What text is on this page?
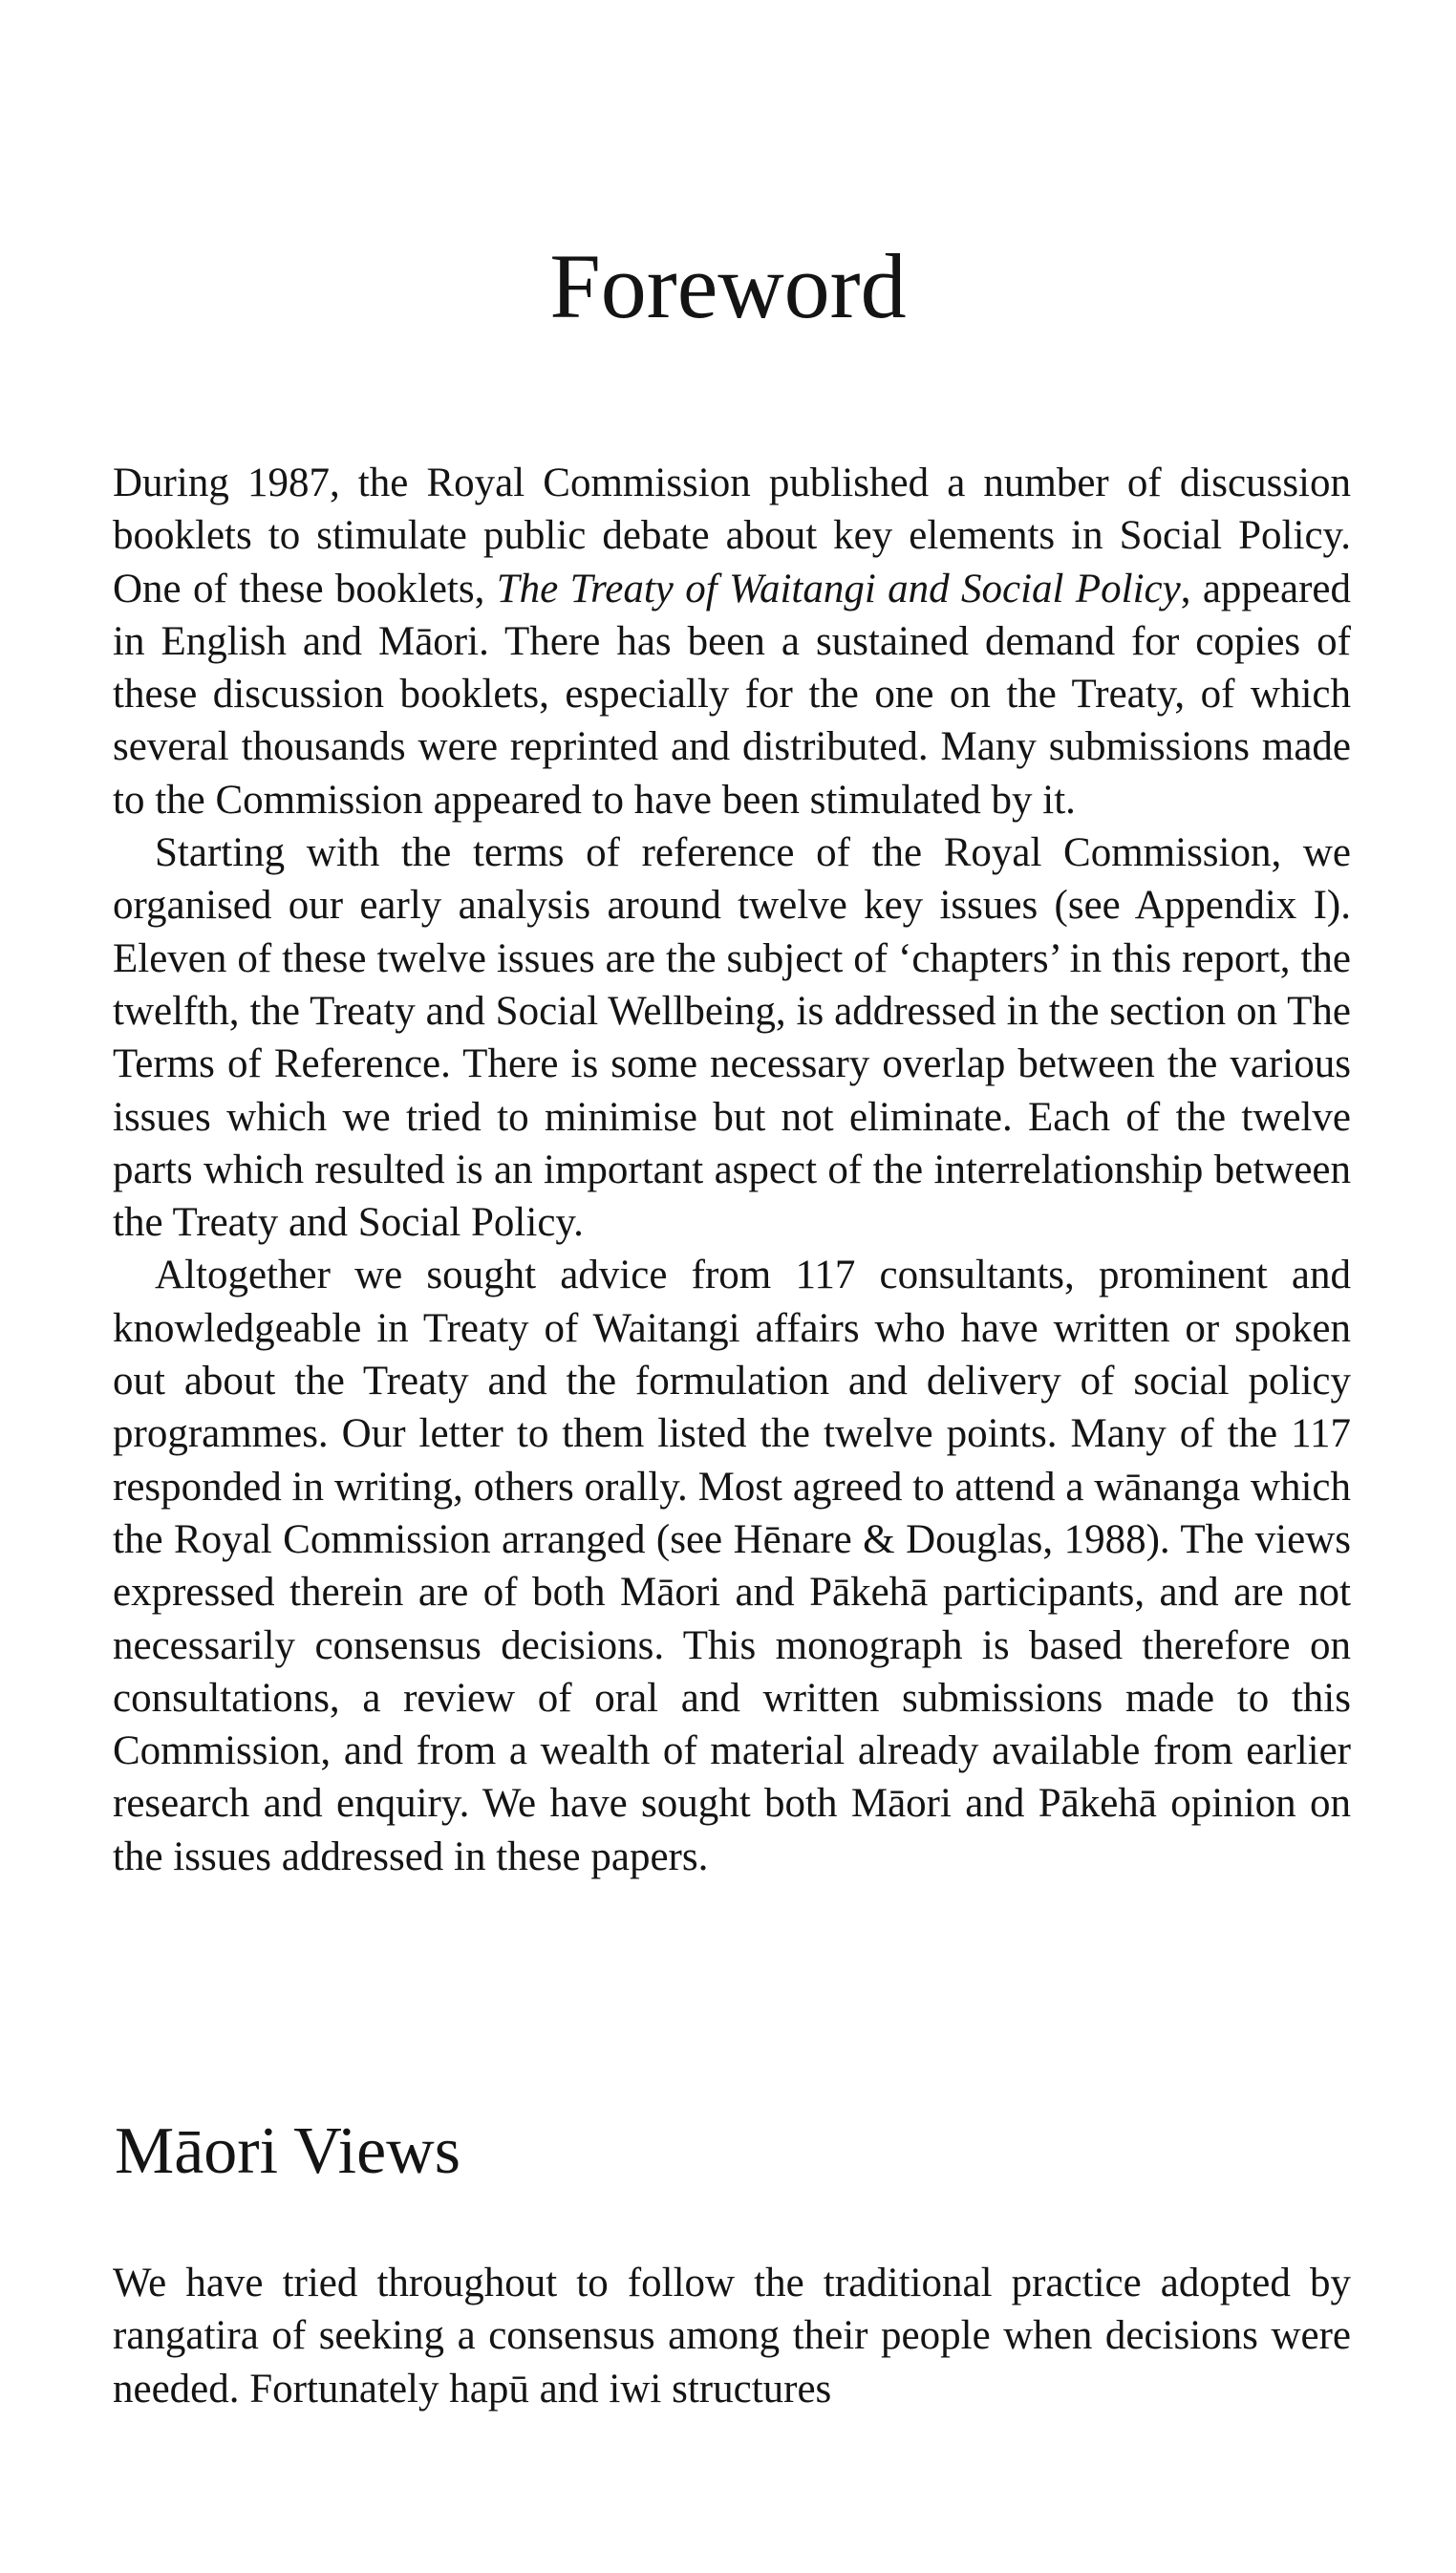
Foreword

During 1987, the Royal Commission published a number of discussion booklets to stimulate public debate about key elements in Social Policy. One of these booklets, The Treaty of Waitangi and Social Policy, appeared in English and Māori. There has been a sustained demand for copies of these discussion booklets, especially for the one on the Treaty, of which several thousands were reprinted and distributed. Many submissions made to the Commission appeared to have been stimulated by it.

Starting with the terms of reference of the Royal Commission, we organised our early analysis around twelve key issues (see Appendix I). Eleven of these twelve issues are the subject of ‘chapters’ in this report, the twelfth, the Treaty and Social Wellbeing, is addressed in the section on The Terms of Reference. There is some necessary overlap between the various issues which we tried to minimise but not eliminate. Each of the twelve parts which resulted is an important aspect of the interrelationship between the Treaty and Social Policy.

Altogether we sought advice from 117 consultants, prominent and knowledgeable in Treaty of Waitangi affairs who have written or spoken out about the Treaty and the formulation and delivery of social policy programmes. Our letter to them listed the twelve points. Many of the 117 responded in writing, others orally. Most agreed to attend a wānanga which the Royal Commission arranged (see Hēnare & Douglas, 1988). The views expressed therein are of both Māori and Pākehā participants, and are not necessarily consensus decisions. This monograph is based therefore on consultations, a review of oral and written submissions made to this Commission, and from a wealth of material already available from earlier research and enquiry. We have sought both Māori and Pākehā opinion on the issues addressed in these papers.

Māori Views

We have tried throughout to follow the traditional practice adopted by rangatira of seeking a consensus among their people when decisions were needed. Fortunately hapū and iwi structures
